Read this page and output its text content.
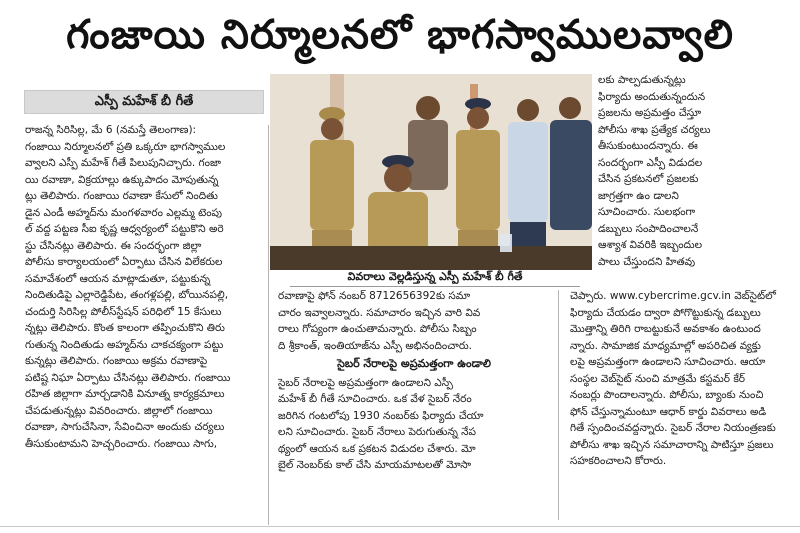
గంజాయి నిర్మూలనలో భాగస్వాములవ్వాలి
ఎస్పీ మహేశ్ బీ గీతే

రాజన్న సిరిసిల్ల, మే 6 (నమస్తే తెలంగాణ):

గంజాయి నిర్మూలనలో ప్రతి ఒక్కరూ భాగస్వాముల

వ్వాలని ఎస్పీ మహేశ్ గీతే పిలుపునిచ్చారు. గంజా

యి రవాణా, విక్రయాల్లు ఉక్కుపాదం మోపుతున్న

ట్లు తెలిపారు. గంజాయి రవాణా కేసులో నిందితు

డైన ఎండీ అహ్మద్‌ను మంగళవారం ఎల్లమ్మ టెంపు

ల్ వద్ద పట్టణ సీఐ కృష్ణ ఆధ్వర్యంలో పట్టుకొని అరె

స్టు చేసినట్లు తెలిపారు. ఈ సందర్భంగా జిల్లా

పోలీసు కార్యాలయంలో ఏర్పాటు చేసిన విలేకరుల

సమావేశంలో ఆయన మాట్లాడుతూ, పట్టుకున్న

నిందితుడిపై ఎల్లారెడ్డిపేట, తంగళ్లపల్లి, బోయినపల్లి,

చందుర్తి సిరిసిల్ల పోలీస్‌స్టేషన్ పరిధిలో 15 కేసులు

న్నట్లు తెలిపారు. కొంత కాలంగా తప్పించుకొని తిరు

గుతున్న నిందితుడు అహ్మద్‌ను చాకచక్యంగా పట్టు

కున్నట్లు తెలిపారు. గంజాయి అక్రమ రవాణాపై

పటిష్ట నిఘా ఏర్పాటు చేసినట్లు తెలిపారు. గంజాయి

రహిత జిల్లాగా మార్చడానికి వినూత్న కార్యక్రమాలు

చేపడుతున్నట్లు వివరించారు. జిల్లాలో గంజాయి

రవాణా, సాగుచేసినా, సేవించినా అందుకు చర్యలు

తీసుకుంటామని హెచ్చరించారు. గంజాయి సాగు,

వివరాలు వెల్లడిస్తున్న ఎస్పీ మహేశ్ బీ గీతే

లకు పాల్పడుతున్నట్లు

ఫిర్యాదు అందుతున్నందున

ప్రజలను అప్రమత్తం చేస్తూ

పోలీసు శాఖ ప్రత్యేక చర్యలు

తీసుకుంటుందన్నారు. ఈ

సందర్భంగా ఎస్పీ విడుదల

చేసిన ప్రకటనలో ప్రజలకు

జాగ్రత్తగా ఉం డాలని

సూచించారు. సులభంగా

డబ్బులు సంపాదించాలనే

ఆశ్యాశ వివరికి ఇబ్బందుల

పాలు చేస్తుందని హితవు

రవాణాపై ఫోన్ నంబర్ 8712656392కు సమా

చారం ఇవ్వాలన్నారు. సమాచారం ఇచ్చిన వారి వివ

రాలు గోప్యంగా ఉంచుతామన్నారు. పోలీసు సిబ్బం

ది శ్రీకాంత్, ఇంతియాజ్‌ను ఎస్పీ అభినందించారు.

సైబర్ నేరాలపై అప్రమత్తంగా ఉండాలి

సైబర్ నేరాలపై అప్రమత్తంగా ఉండాలని ఎస్పీ

మహేశ్ బీ గీతే సూచించారు. ఒక వేళ సైబర్ నేరం

జరిగిన గంటలోపు 1930 నంబర్‌కు ఫిర్యాదు చేయా

లని సూచించారు. సైబర్ నేరాలు పెరుగుతున్న నేప

థ్యంలో ఆయన ఒక ప్రకటన విడుదల చేశారు. మో

బైల్ నెంబర్‌కు కాల్ చేసి మాయమాటలతో మోసా

చెప్పారు. www.cybercrime.gcv.in వెబ్‌సైట్‌లో

ఫిర్యాదు చేయడం ద్వారా పోగొట్టుకున్న డబ్బులు

మొత్తాన్ని తిరిగి రాబట్టుకునే అవకాశం ఉంటుంద

న్నారు. సామాజిక మాధ్యమాల్లో అపరిచిత వ్యక్తు

లపై అప్రమత్తంగా ఉండాలని సూచించారు. ఆయా

సంస్థల వెబ్‌సైట్ నుంచి మాత్రమే కస్టమర్ కేర్

నంబర్లు పొందాలన్నారు. పోలీసు, బ్యాంకు నుంచి

ఫోన్ చేస్తున్నామంటూ ఆధార్ కార్డు వివరాలు అడి

గితే స్పందించవద్దన్నారు. సైబర్ నేరాల నియంత్రణకు

పోలీసు శాఖ ఇచ్చిన సమాచారాన్ని పాటిస్తూ ప్రజలు

సహకరించాలని కోరారు.
